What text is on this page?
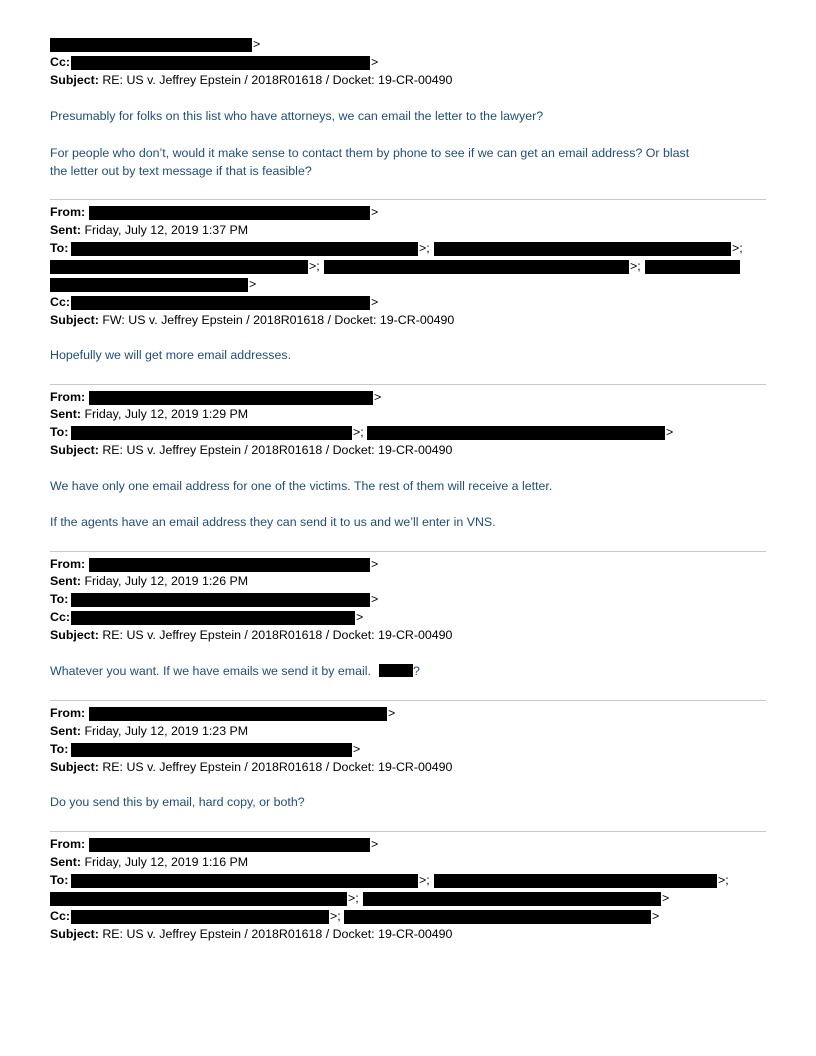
>
Cc:	>
Subject: RE: US v. Jeffrey Epstein / 2018R01618 / Docket: 19-CR-00490
Presumably for folks on this list who have attorneys, we can email the letter to the lawyer?
For people who don’t, would it make sense to contact them by phone to see if we can get an email address? Or blast
the letter out by text message if that is feasible?
From:	>
Sent: Friday, July 12, 2019 1:37 PM
To:	>;	>;
>;	>;
>
Cc:	>
Subject: FW: US v. Jeffrey Epstein / 2018R01618 / Docket: 19-CR-00490
Hopefully we will get more email addresses.
From:	>
Sent: Friday, July 12, 2019 1:29 PM
To:	>;	>
Subject: RE: US v. Jeffrey Epstein / 2018R01618 / Docket: 19-CR-00490
We have only one email address for one of the victims. The rest of them will receive a letter.
If the agents have an email address they can send it to us and we’ll enter in VNS.
From:	>
Sent: Friday, July 12, 2019 1:26 PM
To:	>
Cc:	>
Subject: RE: US v. Jeffrey Epstein / 2018R01618 / Docket: 19-CR-00490
Whatever you want. If we have emails we send it by email.	?
From:	>
Sent: Friday, July 12, 2019 1:23 PM
To:	>
Subject: RE: US v. Jeffrey Epstein / 2018R01618 / Docket: 19-CR-00490
Do you send this by email, hard copy, or both?
From:	>
Sent: Friday, July 12, 2019 1:16 PM
To:	>;	>;
>;	>
Cc:	>;	>
Subject: RE: US v. Jeffrey Epstein / 2018R01618 / Docket: 19-CR-00490
